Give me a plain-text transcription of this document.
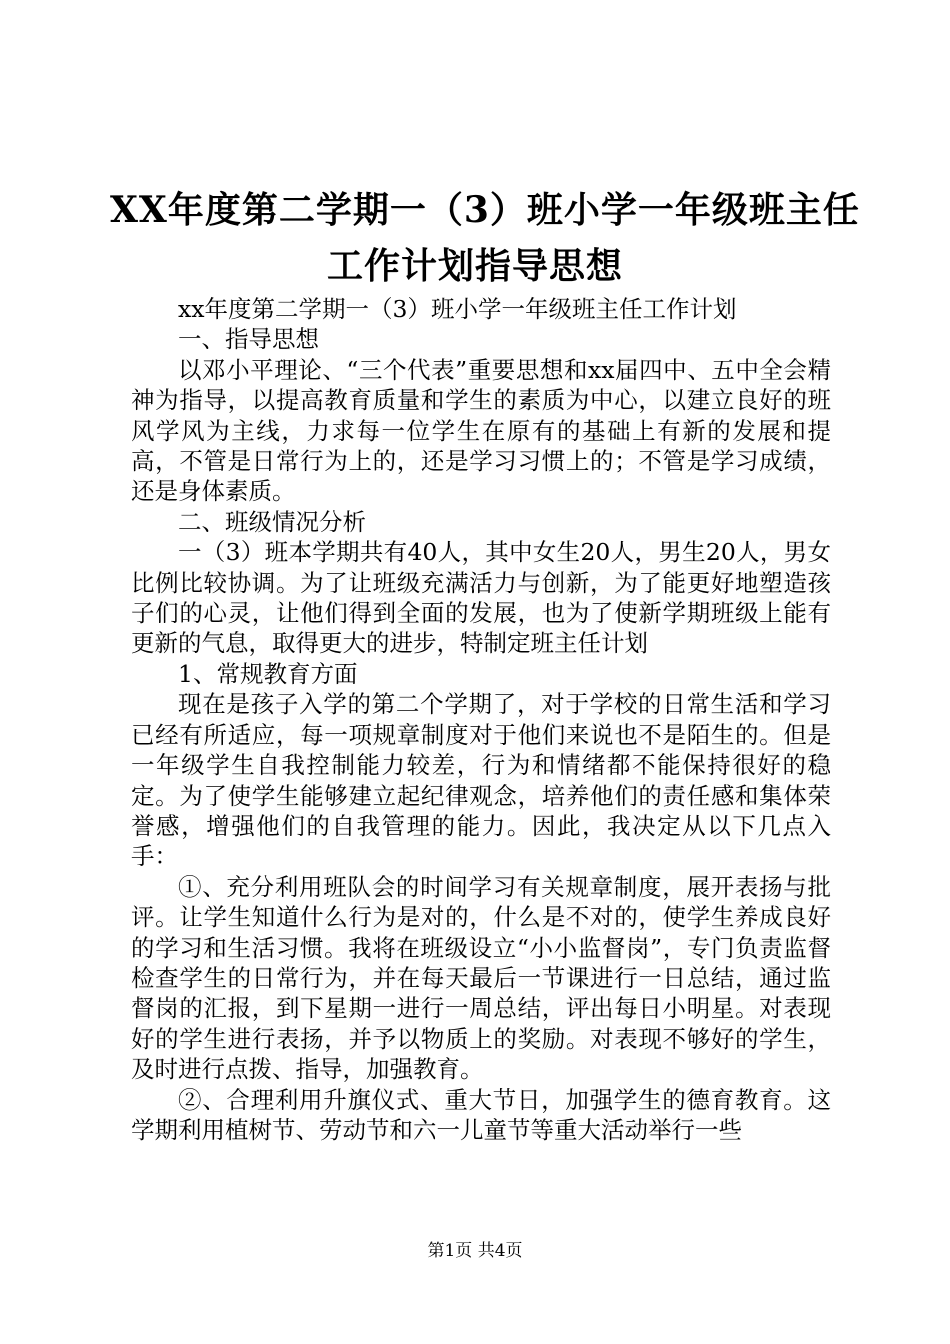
XX年度第二学期一（3）班小学一年级班主任
工作计划指导思想

xx年度第二学期一（3）班小学一年级班主任工作计划

一、指导思想

以邓小平理论、“三个代表”重要思想和xx届四中、五中全会精神为指导，以提高教育质量和学生的素质为中心，以建立良好的班风学风为主线，力求每一位学生在原有的基础上有新的发展和提高，不管是日常行为上的，还是学习习惯上的；不管是学习成绩，还是身体素质。

二、班级情况分析

一（3）班本学期共有40人，其中女生20人，男生20人，男女比例比较协调。为了让班级充满活力与创新，为了能更好地塑造孩子们的心灵，让他们得到全面的发展，也为了使新学期班级上能有更新的气息，取得更大的进步，特制定班主任计划

1、常规教育方面

现在是孩子入学的第二个学期了，对于学校的日常生活和学习已经有所适应，每一项规章制度对于他们来说也不是陌生的。但是一年级学生自我控制能力较差，行为和情绪都不能保持很好的稳定。为了使学生能够建立起纪律观念，培养他们的责任感和集体荣誉感，增强他们的自我管理的能力。因此，我决定从以下几点入手：

①、充分利用班队会的时间学习有关规章制度，展开表扬与批评。让学生知道什么行为是对的，什么是不对的，使学生养成良好的学习和生活习惯。我将在班级设立“小小监督岗”，专门负责监督检查学生的日常行为，并在每天最后一节课进行一日总结，通过监督岗的汇报，到下星期一进行一周总结，评出每日小明星。对表现好的学生进行表扬，并予以物质上的奖励。对表现不够好的学生，及时进行点拨、指导，加强教育。

②、合理利用升旗仪式、重大节日，加强学生的德育教育。这学期利用植树节、劳动节和六一儿童节等重大活动举行一些

第1页 共4页
